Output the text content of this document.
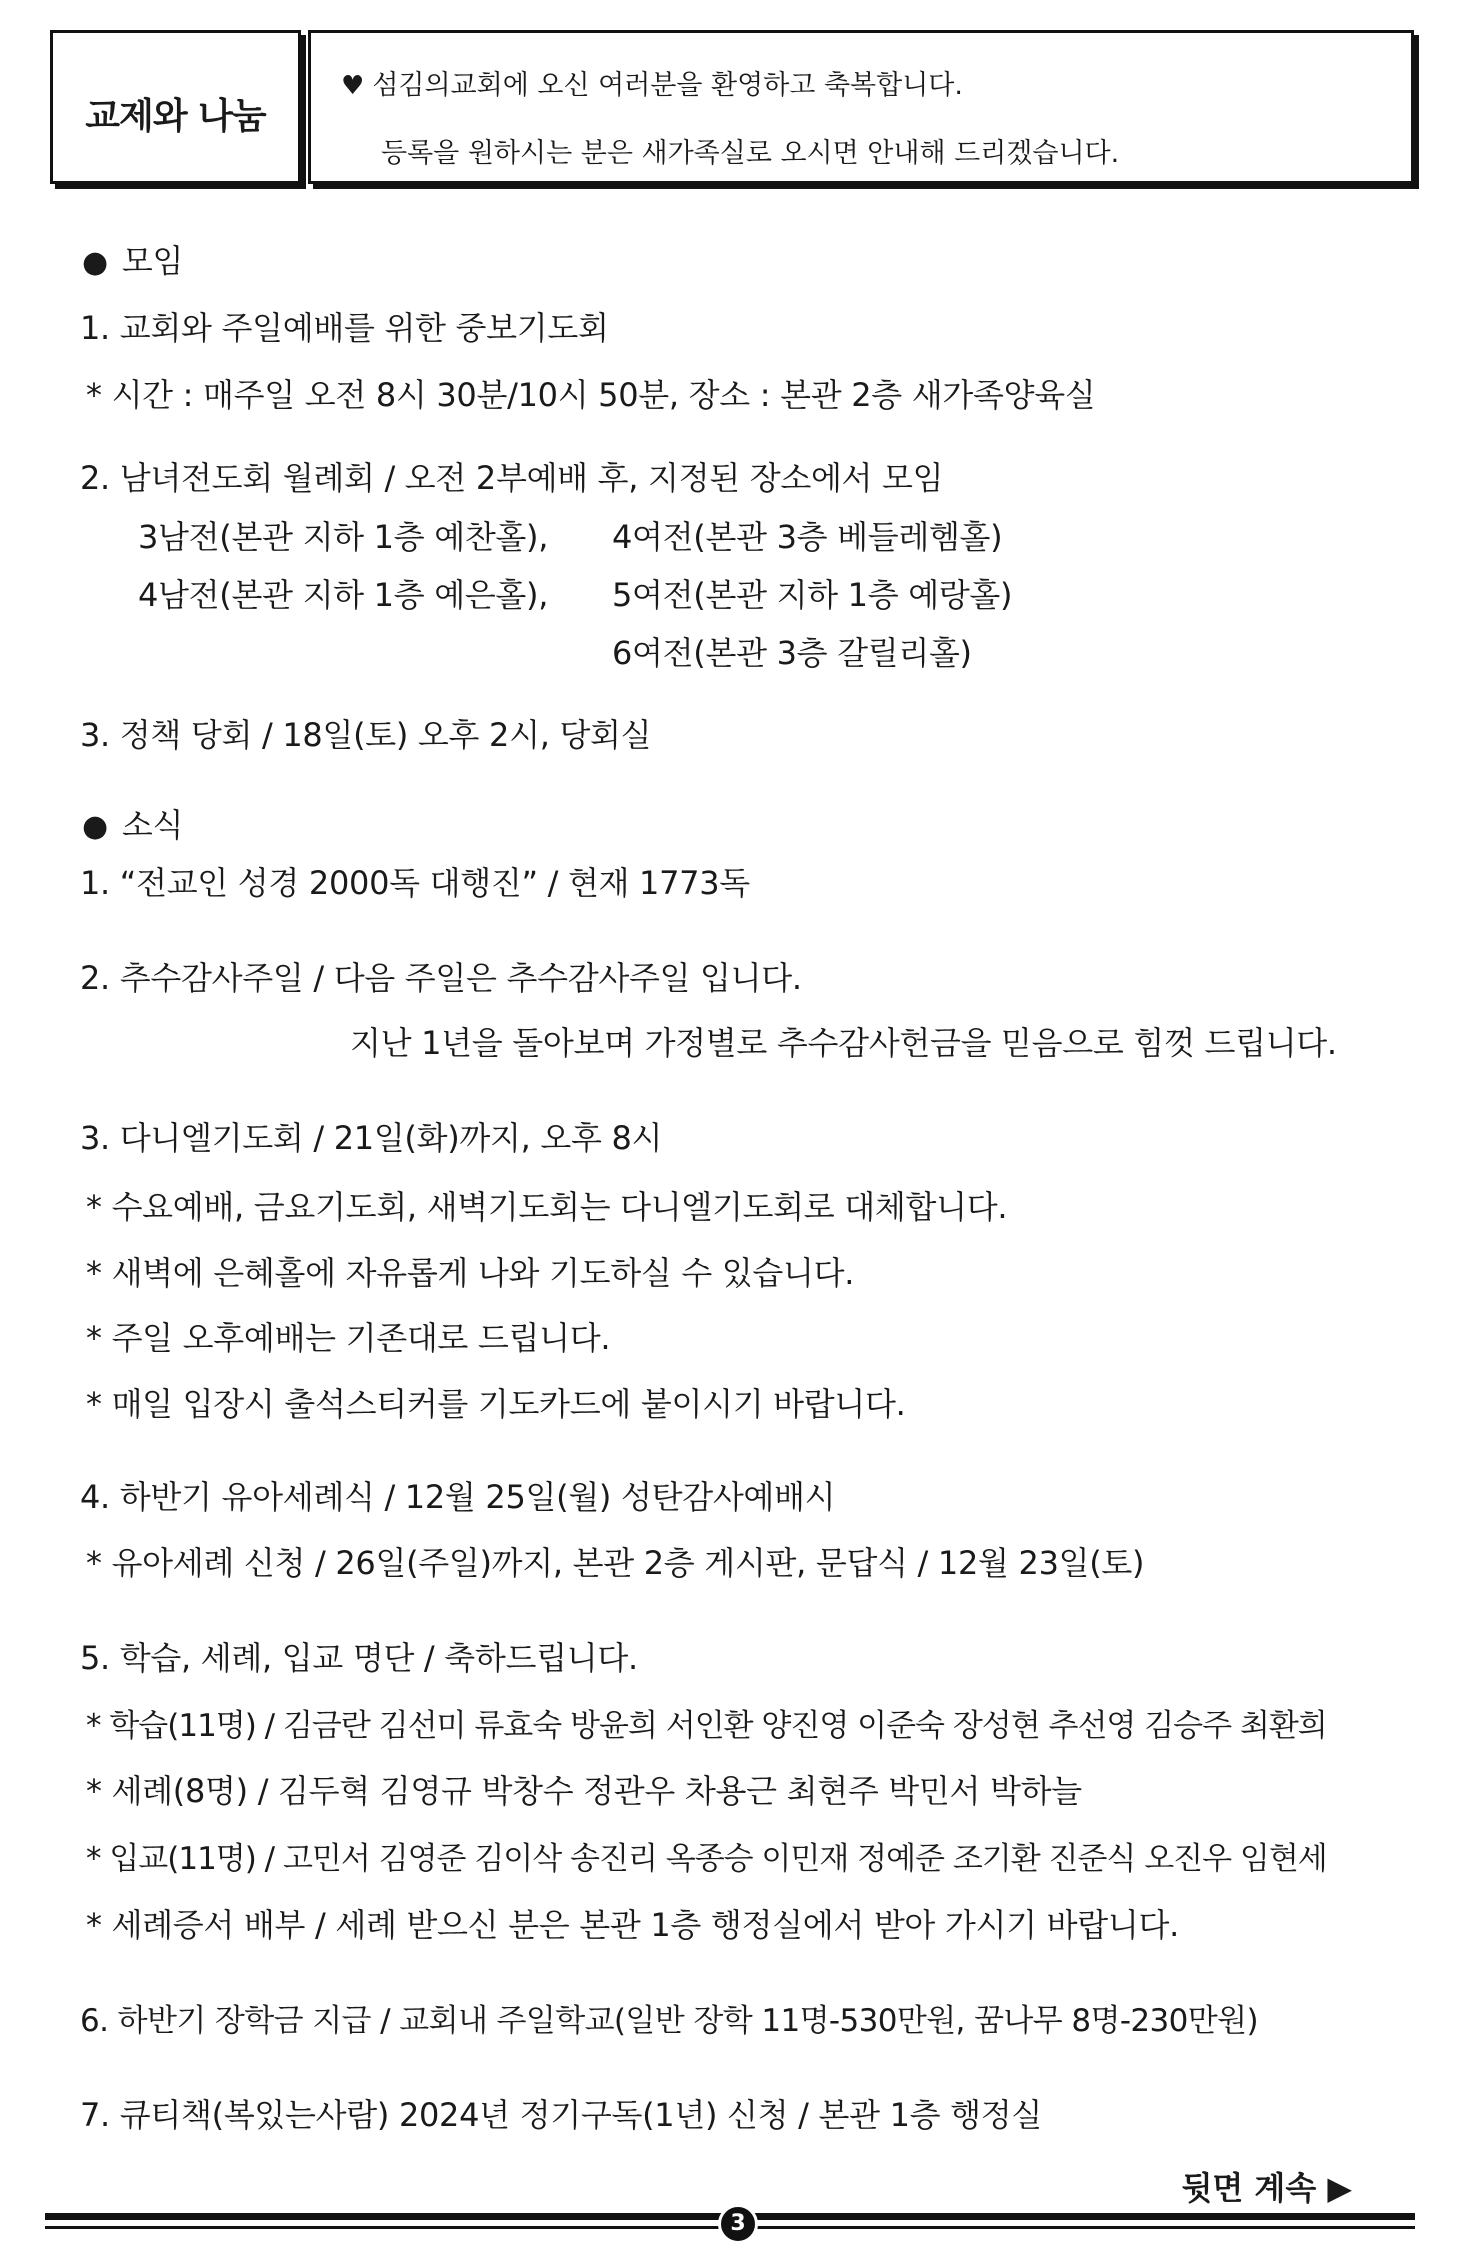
교제와 나눔
♥ 섬김의교회에 오신 여러분을 환영하고 축복합니다.
등록을 원하시는 분은 새가족실로 오시면 안내해 드리겠습니다.
● 모임
1. 교회와 주일예배를 위한 중보기도회
* 시간 : 매주일 오전 8시 30분/10시 50분, 장소 : 본관 2층 새가족양육실
2. 남녀전도회 월례회 / 오전 2부예배 후, 지정된 장소에서 모임
3남전(본관 지하 1층 예찬홀), 4여전(본관 3층 베들레헴홀)
4남전(본관 지하 1층 예은홀), 5여전(본관 지하 1층 예랑홀)
6여전(본관 3층 갈릴리홀)
3. 정책 당회 / 18일(토) 오후 2시, 당회실
● 소식
1. “전교인 성경 2000독 대행진” / 현재 1773독
2. 추수감사주일 / 다음 주일은 추수감사주일 입니다.
지난 1년을 돌아보며 가정별로 추수감사헌금을 믿음으로 힘껏 드립니다.
3. 다니엘기도회 / 21일(화)까지, 오후 8시
* 수요예배, 금요기도회, 새벽기도회는 다니엘기도회로 대체합니다.
* 새벽에 은혜홀에 자유롭게 나와 기도하실 수 있습니다.
* 주일 오후예배는 기존대로 드립니다.
* 매일 입장시 출석스티커를 기도카드에 붙이시기 바랍니다.
4. 하반기 유아세례식 / 12월 25일(월) 성탄감사예배시
* 유아세례 신청 / 26일(주일)까지, 본관 2층 게시판, 문답식 / 12월 23일(토)
5. 학습, 세례, 입교 명단 / 축하드립니다.
* 학습(11명) / 김금란 김선미 류효숙 방윤희 서인환 양진영 이준숙 장성현 추선영 김승주 최환희
* 세례(8명) / 김두혁 김영규 박창수 정관우 차용근 최현주 박민서 박하늘
* 입교(11명) / 고민서 김영준 김이삭 송진리 옥종승 이민재 정예준 조기환 진준식 오진우 임현세
* 세례증서 배부 / 세례 받으신 분은 본관 1층 행정실에서 받아 가시기 바랍니다.
6. 하반기 장학금 지급 / 교회내 주일학교(일반 장학 11명-530만원, 꿈나무 8명-230만원)
7. 큐티책(복있는사람) 2024년 정기구독(1년) 신청 / 본관 1층 행정실
뒷면 계속 ▶
3
